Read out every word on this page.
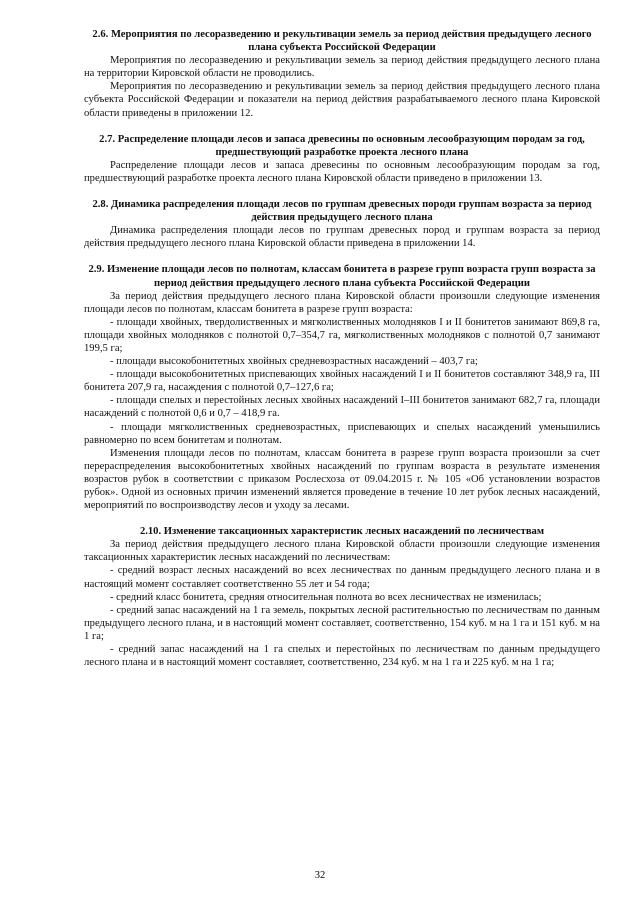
2.6. Мероприятия по лесоразведению и рекультивации земель за период действия предыдущего лесного плана субъекта Российской Федерации

Мероприятия по лесоразведению и рекультивации земель за период действия предыдущего лесного плана на территории Кировской области не проводились.

Мероприятия по лесоразведению и рекультивации земель за период действия предыдущего лесного плана субъекта Российской Федерации и показатели на период действия разрабатываемого лесного плана Кировской области приведены в приложении 12.

2.7. Распределение площади лесов и запаса древесины по основным лесообразующим породам за год, предшествующий разработке проекта лесного плана

Распределение площади лесов и запаса древесины по основным лесообразующим породам за год, предшествующий разработке проекта лесного плана Кировской области приведено в приложении 13.

2.8. Динамика распределения площади лесов по группам древесных породи группам возраста за период действия предыдущего лесного плана

Динамика распределения площади лесов по группам древесных пород и группам возраста за период действия предыдущего лесного плана Кировской области приведена в приложении 14.

2.9. Изменение площади лесов по полнотам, классам бонитета в разрезе групп возраста групп возраста за период действия предыдущего лесного плана субъекта Российской Федерации

За период действия предыдущего лесного плана Кировской области произошли следующие изменения площади лесов по полнотам, классам бонитета в разрезе групп возраста:

- площади хвойных, твердолиственных и мягколиственных молодняков I и II бонитетов занимают 869,8 га, площади хвойных молодняков с полнотой 0,7–354,7 га, мягколиственных молодняков с полнотой 0,7 занимают 199,5 га;

- площади высокобонитетных хвойных средневозрастных насаждений – 403,7 га;

- площади высокобонитетных приспевающих хвойных насаждений I и II бонитетов составляют 348,9 га, III бонитета 207,9 га, насаждения с полнотой 0,7–127,6 га;

- площади спелых и перестойных лесных хвойных насаждений I–III бонитетов занимают 682,7 га, площади насаждений с полнотой 0,6 и 0,7 – 418,9 га.

- площади мягколиственных средневозрастных, приспевающих и спелых насаждений уменьшились равномерно по всем бонитетам и полнотам.

Изменения площади лесов по полнотам, классам бонитета в разрезе групп возраста произошли за счет перераспределения высокобонитетных хвойных насаждений по группам возраста в результате изменения возрастов рубок в соответствии с приказом Рослесхоза от 09.04.2015 г. № 105 «Об установлении возрастов рубок». Одной из основных причин изменений является проведение в течение 10 лет рубок лесных насаждений, мероприятий по воспроизводству лесов и уходу за лесами.

2.10. Изменение таксационных характеристик лесных насаждений по лесничествам

За период действия предыдущего лесного плана Кировской области произошли следующие изменения таксационных характеристик лесных насаждений по лесничествам:

- средний возраст лесных насаждений во всех лесничествах по данным предыдущего лесного плана и в настоящий момент составляет соответственно 55 лет и 54 года;

- средний класс бонитета, средняя относительная полнота во всех лесничествах не изменилась;

- средний запас насаждений на 1 га земель, покрытых лесной растительностью по лесничествам по данным предыдущего лесного плана, и в настоящий момент составляет, соответственно, 154 куб. м на 1 га и 151 куб. м на 1 га;

- средний запас насаждений на 1 га спелых и перестойных по лесничествам по данным предыдущего лесного плана и в настоящий момент составляет, соответственно, 234 куб. м на 1 га и 225 куб. м на 1 га;

32
